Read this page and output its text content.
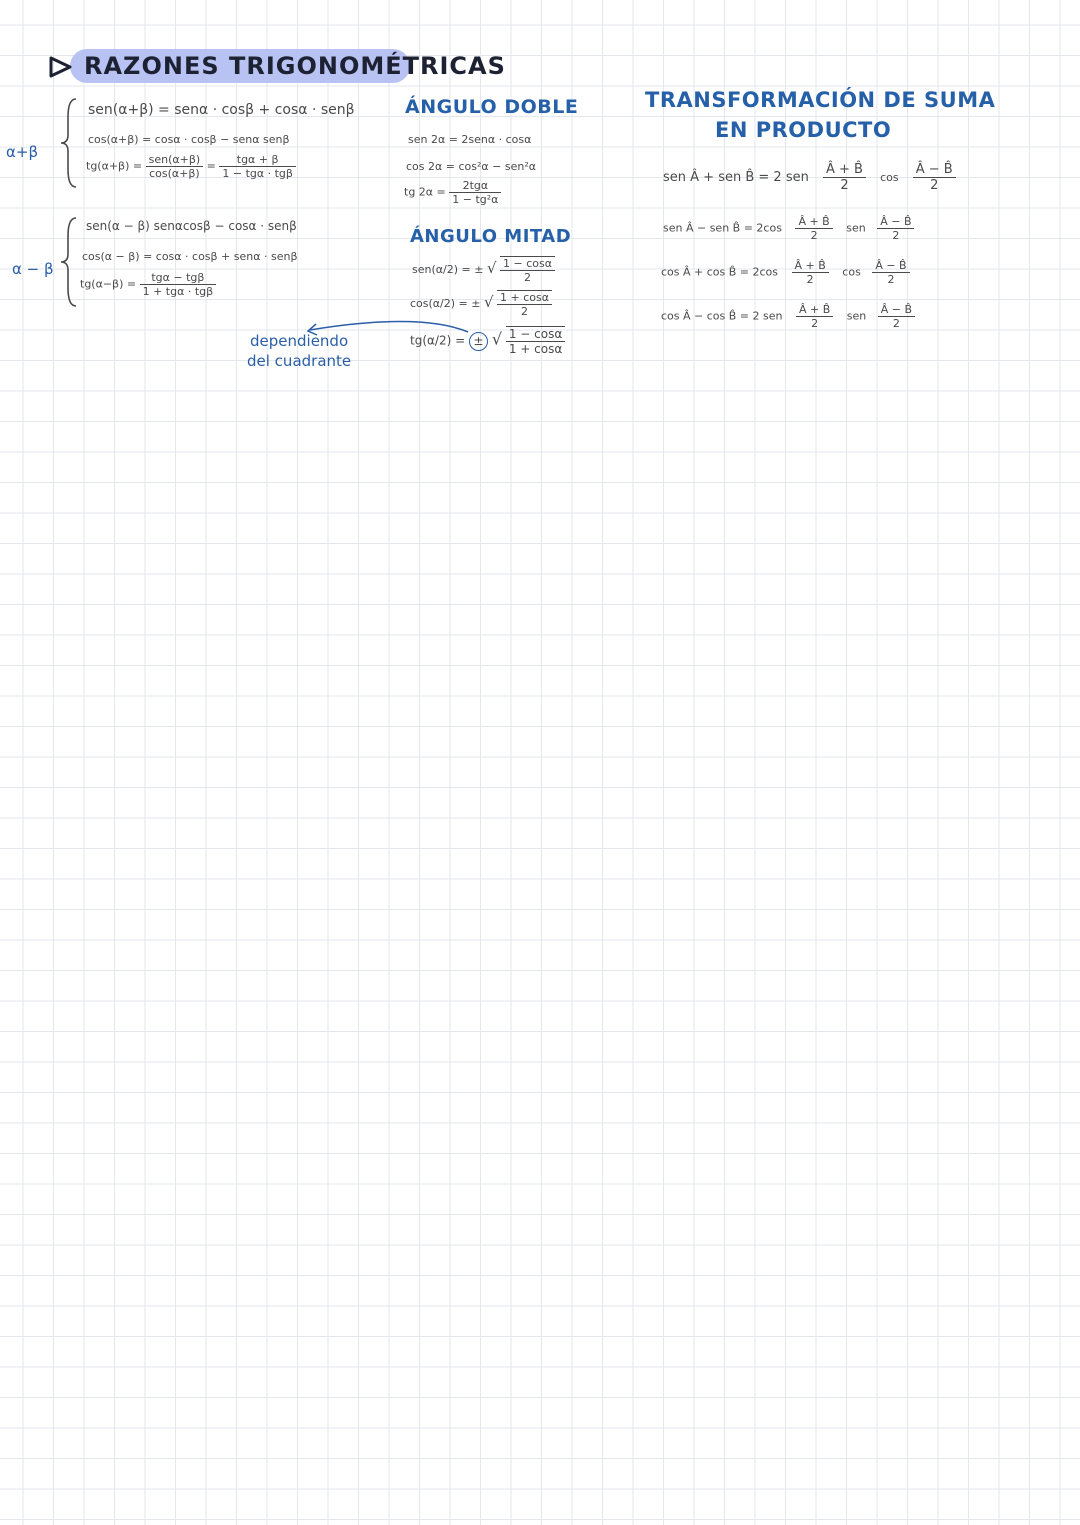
RAZONES TRIGONOMÉTRICAS
α+β
sen(α+β) = senα · cosβ + cosα · senβ
cos(α+β) = cosα · cosβ − senα senβ
$tg(\alpha+\beta) = \frac{\text{sen(α+β)}}{\cos(\alpha+\beta)} = \frac{\text{tgα + β}}{\text{1 − tgα · tgβ}}$
α − β
sen(α − β) senαcosβ − cosα · senβ
cos(α − β) = cosα · cosβ + senα · senβ
$tg(\alpha-\beta) = \frac{\text{tgα − tgβ}}{\text{1 + tgα · tgβ}}$
dependiendo
del cuadrante
ÁNGULO DOBLE
sen 2α = 2senα · cosα
cos 2α = cos²α − sen²α
tg $2\alpha = \frac{\text{2tgα}}{\text{1 − tg²α}}$
ÁNGULO MITAD
sen(α/2) = ± √ $\frac{1 - \cos\alpha}{2}$
cos(α/2) = ± √ $\frac{1 + \cos\alpha}{2}$
tg(α/2) = ± √ $\frac{1 - \cos\alpha}{1 + \cos\alpha}$
TRANSFORMACIÓN DE SUMA
EN PRODUCTO
sen Â + sen B̂ = 2 sen $\frac{Â + B̂}{2}$ $\cos \frac{Â - B̂}{2}$
sen Â − sen B̂ = $2\cos \frac{Â + B̂}{2}$ sen $\frac{Â - B̂}{2}$
cos Â + cos B̂ = $2\cos \frac{Â + B̂}{2}$ $\cos \frac{Â - B̂}{2}$
cos Â − cos B̂ = 2 sen $\frac{Â + B̂}{2}$ sen $\frac{Â - B̂}{2}$
